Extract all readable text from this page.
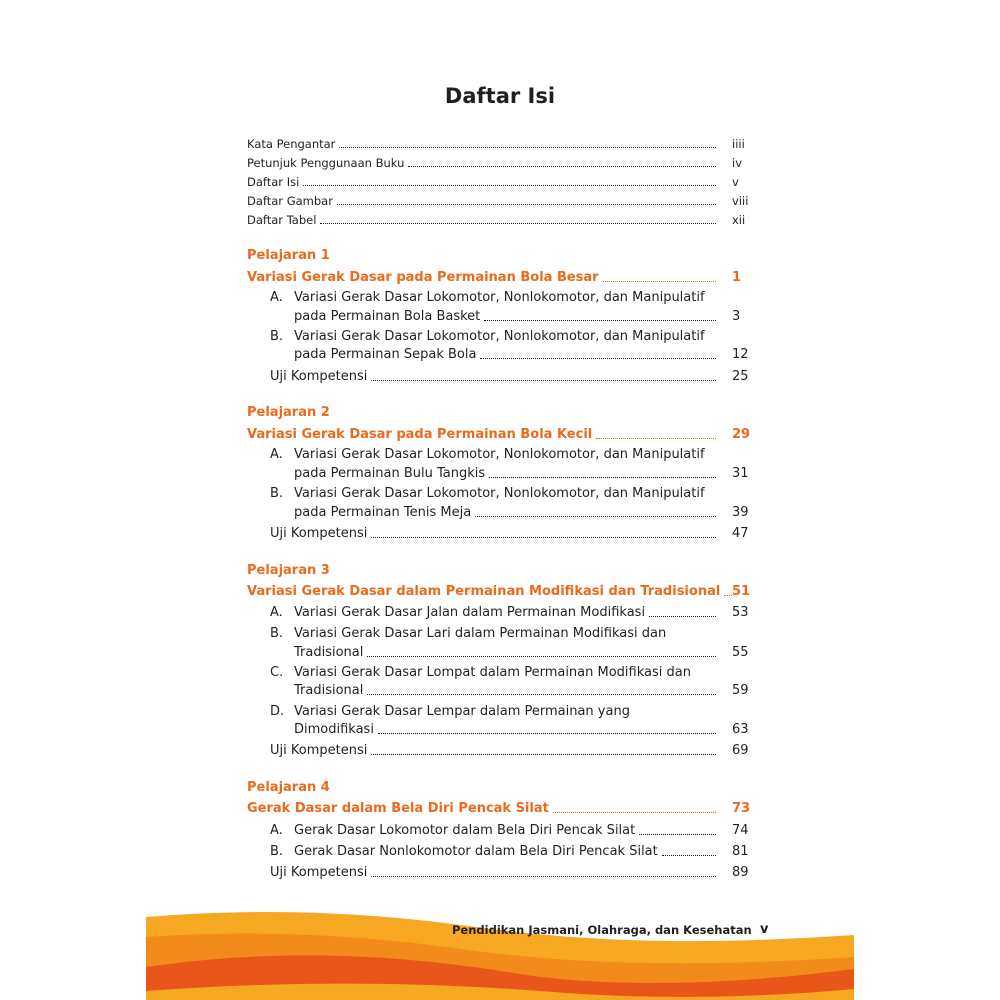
Daftar Isi
Kata Pengantar	iiii
Petunjuk Penggunaan Buku	iv
Daftar Isi	v
Daftar Gambar	viii
Daftar Tabel	xii
Pelajaran 1
Variasi Gerak Dasar pada Permainan Bola Besar	1
A. Variasi Gerak Dasar Lokomotor, Nonlokomotor, dan Manipulatif
pada Permainan Bola Basket	3
B. Variasi Gerak Dasar Lokomotor, Nonlokomotor, dan Manipulatif
pada Permainan Sepak Bola	12
Uji Kompetensi	25
Pelajaran 2
Variasi Gerak Dasar pada Permainan Bola Kecil	29
A. Variasi Gerak Dasar Lokomotor, Nonlokomotor, dan Manipulatif
pada Permainan Bulu Tangkis	31
B. Variasi Gerak Dasar Lokomotor, Nonlokomotor, dan Manipulatif
pada Permainan Tenis Meja	39
Uji Kompetensi	47
Pelajaran 3
Variasi Gerak Dasar dalam Permainan Modifikasi dan Tradisional 51
A. Variasi Gerak Dasar Jalan dalam Permainan Modifikasi	53
B. Variasi Gerak Dasar Lari dalam Permainan Modifikasi dan
Tradisional	55
C. Variasi Gerak Dasar Lompat dalam Permainan Modifikasi dan
Tradisional	59
D. Variasi Gerak Dasar Lempar dalam Permainan yang
Dimodifikasi	63
Uji Kompetensi	69
Pelajaran 4
Gerak Dasar dalam Bela Diri Pencak Silat	73
A. Gerak Dasar Lokomotor dalam Bela Diri Pencak Silat	74
B. Gerak Dasar Nonlokomotor dalam Bela Diri Pencak Silat	81
Uji Kompetensi	89
Pendidikan Jasmani, Olahraga, dan Kesehatan v
